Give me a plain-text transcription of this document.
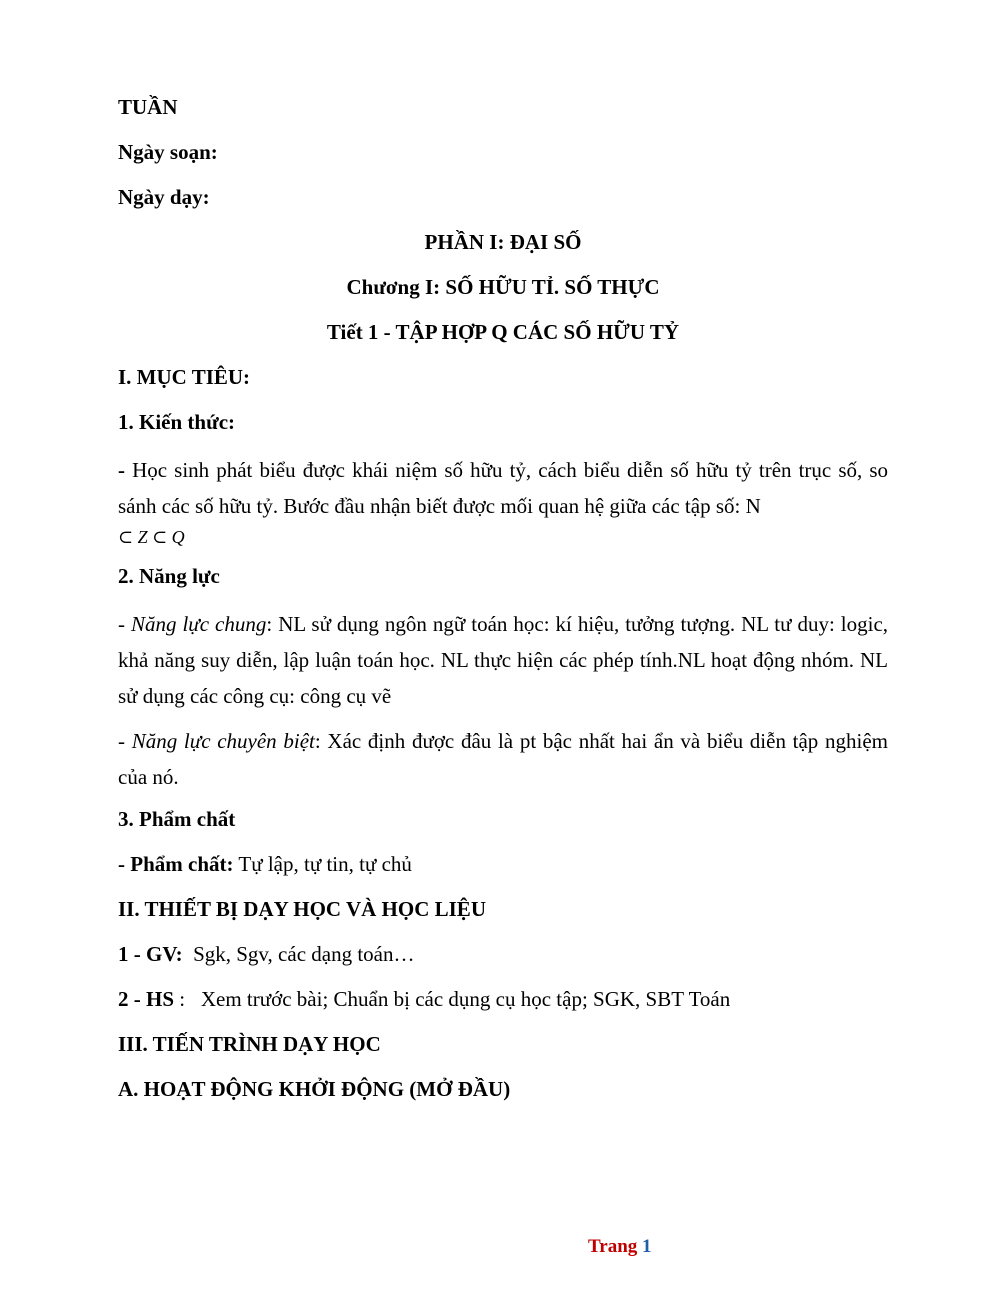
TUẦN
Ngày soạn:
Ngày dạy:
PHẦN I: ĐẠI SỐ
Chương I: SỐ HỮU TỈ. SỐ THỰC
Tiết 1 - TẬP HỢP Q CÁC SỐ HỮU TỶ
I. MỤC TIÊU:
1. Kiến thức:
- Học sinh phát biểu được khái niệm số hữu tỷ, cách biểu diễn số hữu tỷ trên trục số, so sánh các số hữu tỷ. Bước đầu nhận biết được mối quan hệ giữa các tập số: N
⊂ Z ⊂ Q
2. Năng lực
- Năng lực chung: NL sử dụng ngôn ngữ toán học: kí hiệu, tưởng tượng. NL tư duy: logic, khả năng suy diễn, lập luận toán học. NL thực hiện các phép tính.NL hoạt động nhóm. NL sử dụng các công cụ: công cụ vẽ
- Năng lực chuyên biệt: Xác định được đâu là pt bậc nhất hai ẩn và biểu diễn tập nghiệm của nó.
3. Phẩm chất
- Phẩm chất: Tự lập, tự tin, tự chủ
II. THIẾT BỊ DẠY HỌC VÀ HỌC LIỆU
1 - GV:  Sgk, Sgv, các dạng toán…
2 - HS :   Xem trước bài; Chuẩn bị các dụng cụ học tập; SGK, SBT Toán
III. TIẾN TRÌNH DẠY HỌC
A. HOẠT ĐỘNG KHỞI ĐỘNG (MỞ ĐẦU)
Trang 1
